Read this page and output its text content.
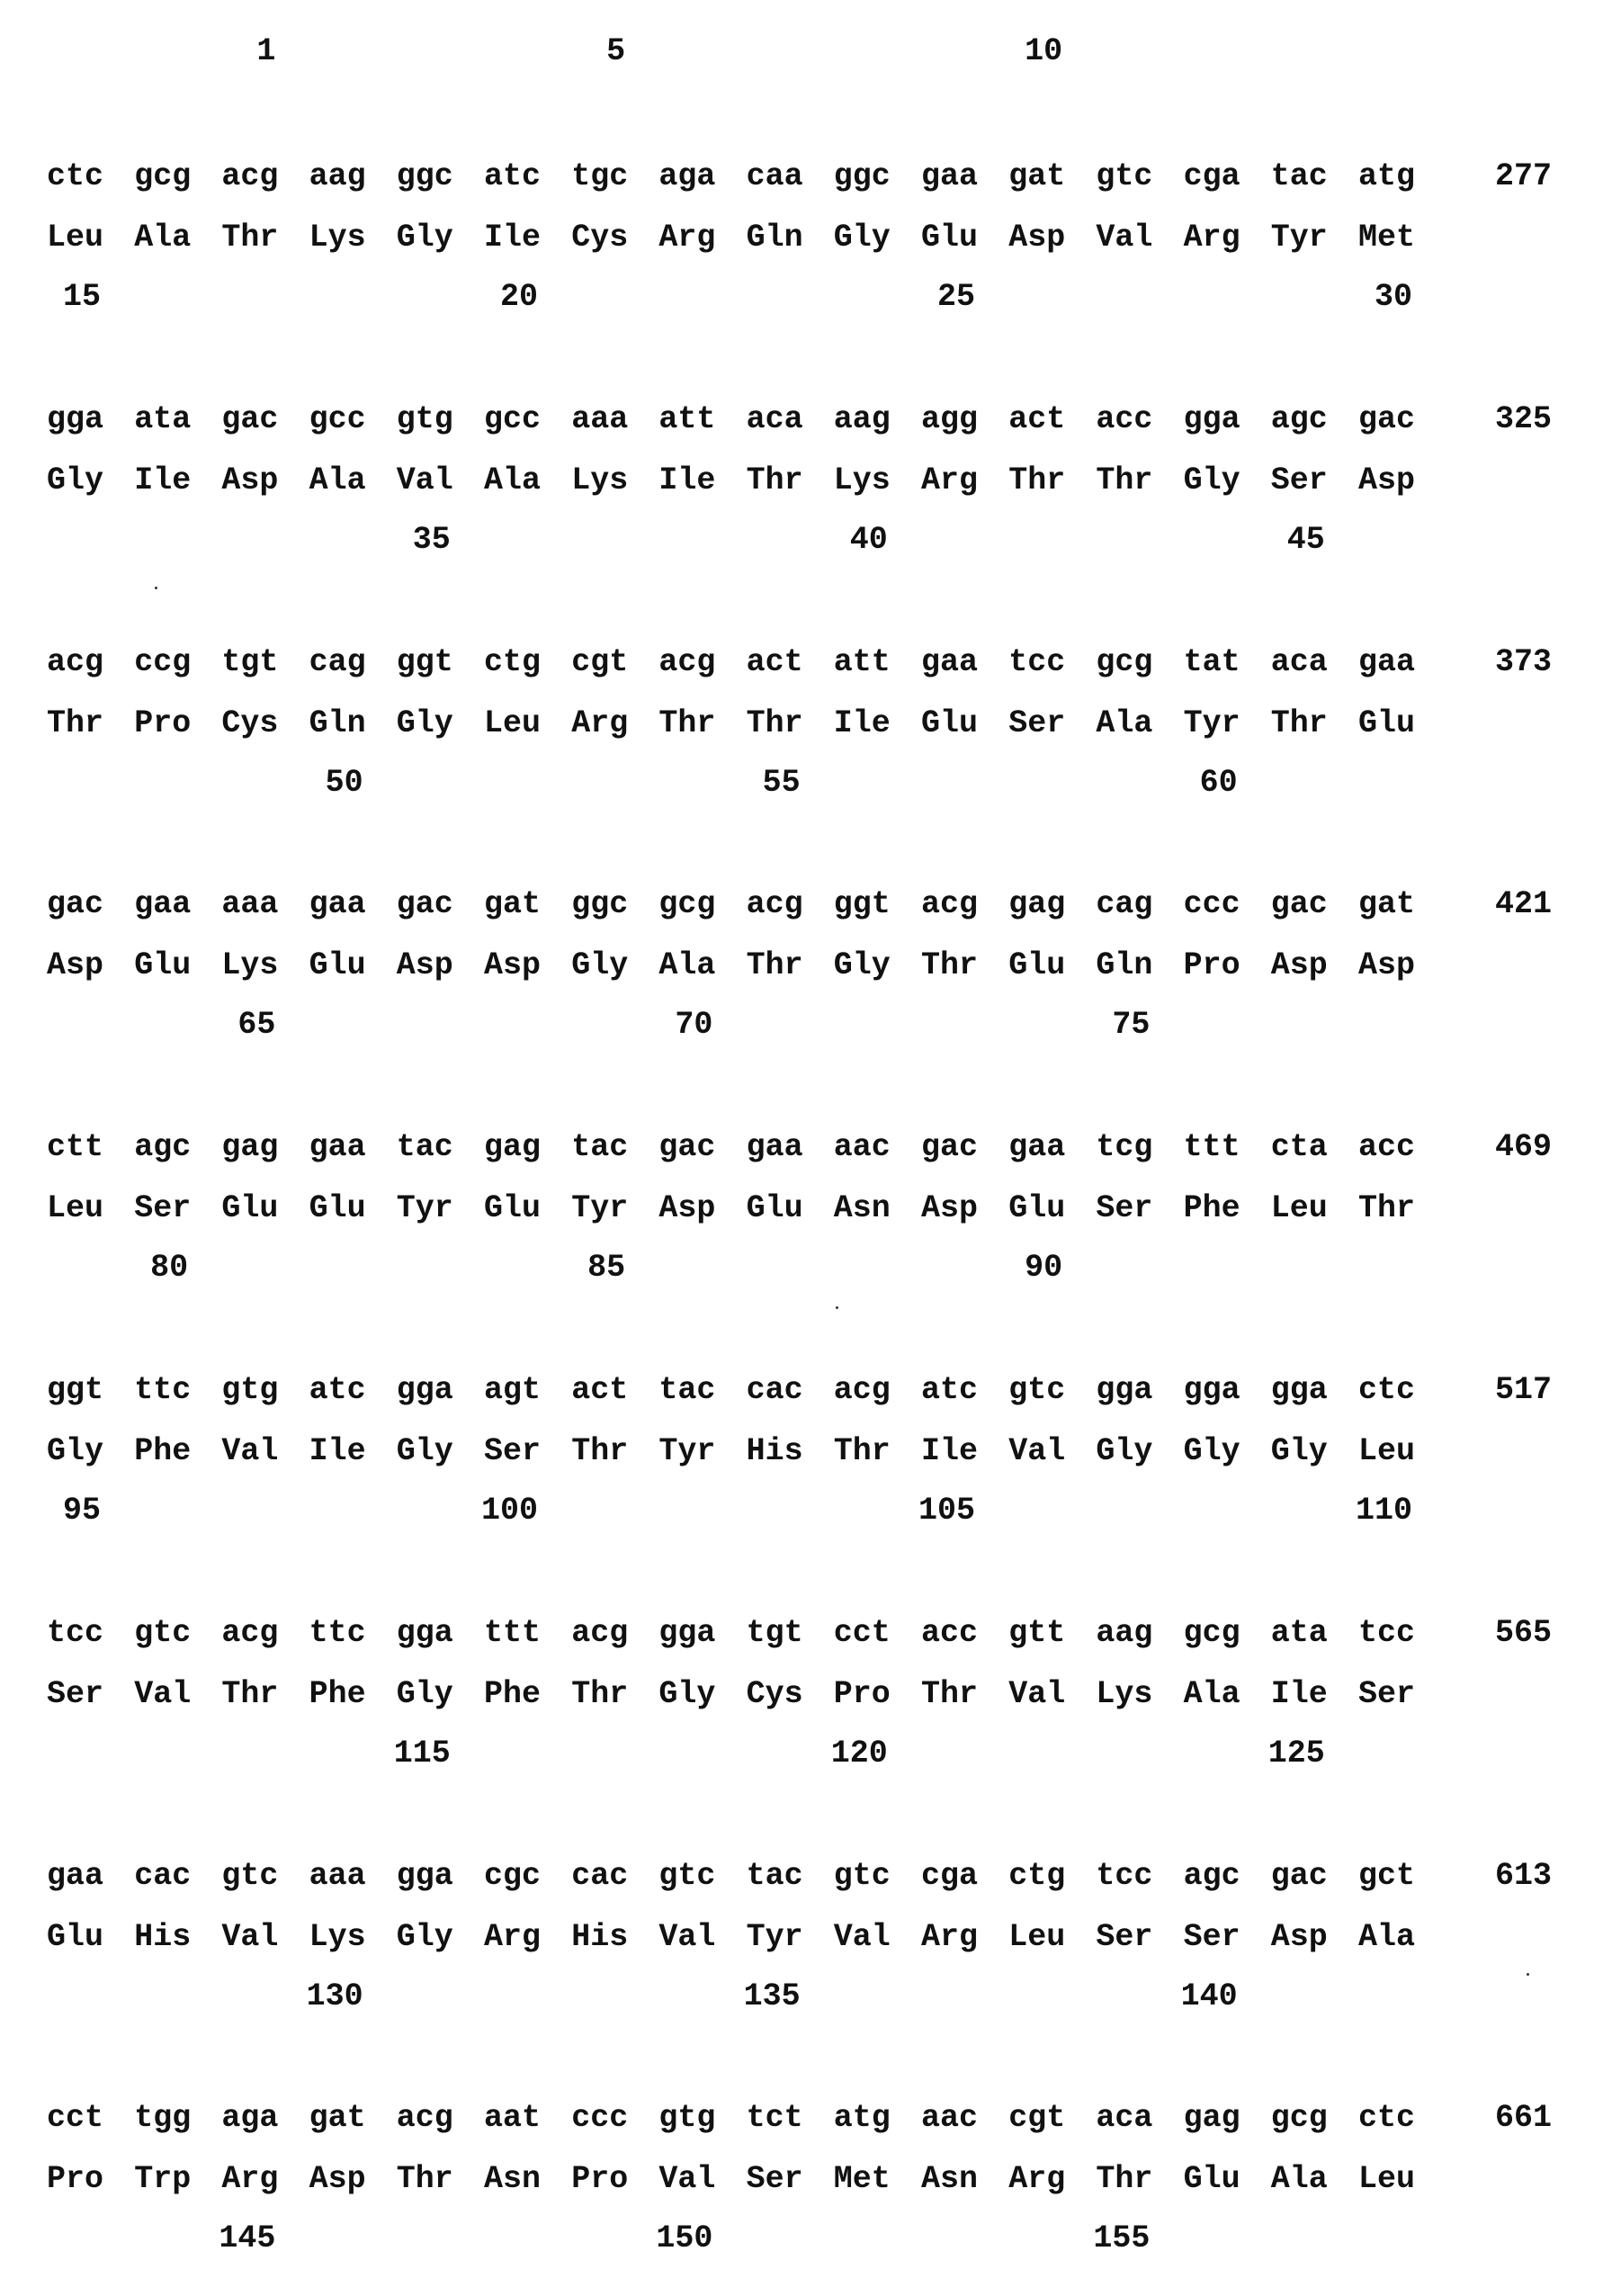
1	5	10
ctc gcg acg aag ggc atc tgc aga caa ggc gaa gat gtc cga tac atg	277
Leu Ala Thr Lys Gly Ile Cys Arg Gln Gly Glu Asp Val Arg Tyr Met
15	20	25	30
gga ata gac gcc gtg gcc aaa att aca aag agg act acc gga agc gac	325
Gly Ile Asp Ala Val Ala Lys Ile Thr Lys Arg Thr Thr Gly Ser Asp
35	40	45
acg ccg tgt cag ggt ctg cgt acg act att gaa tcc gcg tat aca gaa	373
Thr Pro Cys Gln Gly Leu Arg Thr Thr Ile Glu Ser Ala Tyr Thr Glu
50	55	60
gac gaa aaa gaa gac gat ggc gcg acg ggt acg gag cag ccc gac gat	421
Asp Glu Lys Glu Asp Asp Gly Ala Thr Gly Thr Glu Gln Pro Asp Asp
65	70	75
ctt agc gag gaa tac gag tac gac gaa aac gac gaa tcg ttt cta acc	469
Leu Ser Glu Glu Tyr Glu Tyr Asp Glu Asn Asp Glu Ser Phe Leu Thr
80	85	90
ggt ttc gtg atc gga agt act tac cac acg atc gtc gga gga gga ctc	517
Gly Phe Val Ile Gly Ser Thr Tyr His Thr Ile Val Gly Gly Gly Leu
95	100	105	110
tcc gtc acg ttc gga ttt acg gga tgt cct acc gtt aag gcg ata tcc	565
Ser Val Thr Phe Gly Phe Thr Gly Cys Pro Thr Val Lys Ala Ile Ser
115	120	125
gaa cac gtc aaa gga cgc cac gtc tac gtc cga ctg tcc agc gac gct	613
Glu His Val Lys Gly Arg His Val Tyr Val Arg Leu Ser Ser Asp Ala
130	135	140
cct tgg aga gat acg aat ccc gtg tct atg aac cgt aca gag gcg ctc	661
Pro Trp Arg Asp Thr Asn Pro Val Ser Met Asn Arg Thr Glu Ala Leu
145	150	155
